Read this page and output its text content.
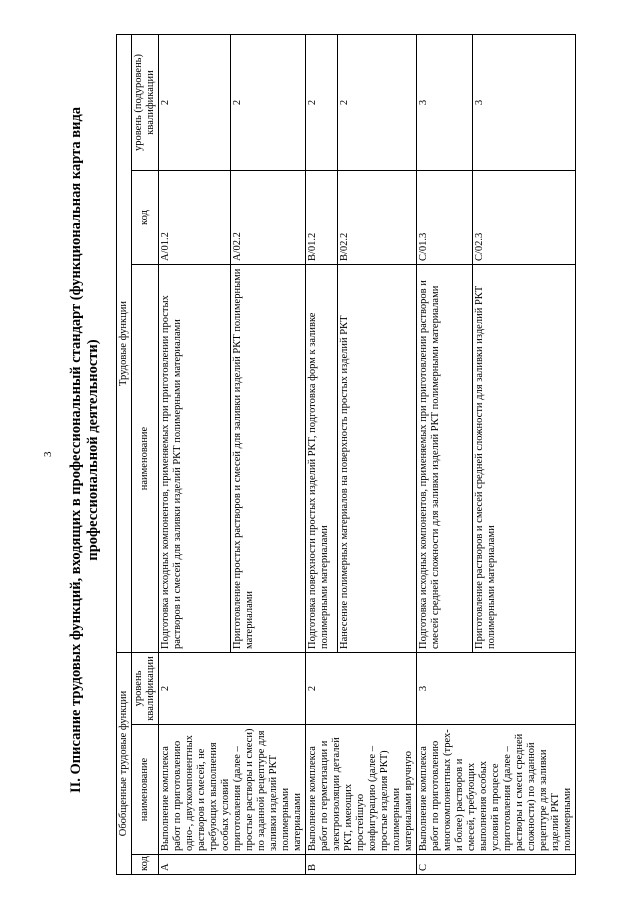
3 II. Описание трудовых функций, входящих в профессиональный стандарт (функциональная карта вида профессиональной деятельности)
Обобщенные трудовые функции			Трудовые функции		
код	наименование	уровень квалификации	наименование	код	уровень (подуровень) квалификации
A	Выполнение комплекса работ по приготовлению одно-, двухкомпонентных растворов и смесей, не требующих выполнения особых условий приготовления (далее – простые растворы и смеси) по заданной рецептуре для заливки изделий РКТ полимерными материалами	2	Подготовка исходных компонентов, применяемых при приготовлении простых растворов и смесей для заливки изделий РКТ полимерными материалами	A/01.2	2
			Приготовление простых растворов и смесей для заливки изделий РКТ полимерными материалами	A/02.2	2
B	Выполнение комплекса работ по герметизации и электроизоляции деталей РКТ, имеющих простейшую конфигурацию (далее – простые изделия РКТ) полимерными материалами вручную	2	Подготовка поверхности простых изделий РКТ, подготовка форм к заливке полимерными материалами	B/01.2	2
			Нанесение полимерных материалов на поверхность простых изделий РКТ	B/02.2	2
C	Выполнение комплекса работ по приготовлению многокомпонентных (трех- и более) растворов и смесей, требующих выполнения особых условий в процессе приготовления (далее – растворы и смеси средней сложности) по заданной рецептуре для заливки изделий РКТ полимерными	3	Подготовка исходных компонентов, применяемых при приготовлении растворов и смесей средней сложности для заливки изделий РКТ полимерными материалами	C/01.3	3
			Приготовление растворов и смесей средней сложности для заливки изделий РКТ полимерными материалами	C/02.3	3
